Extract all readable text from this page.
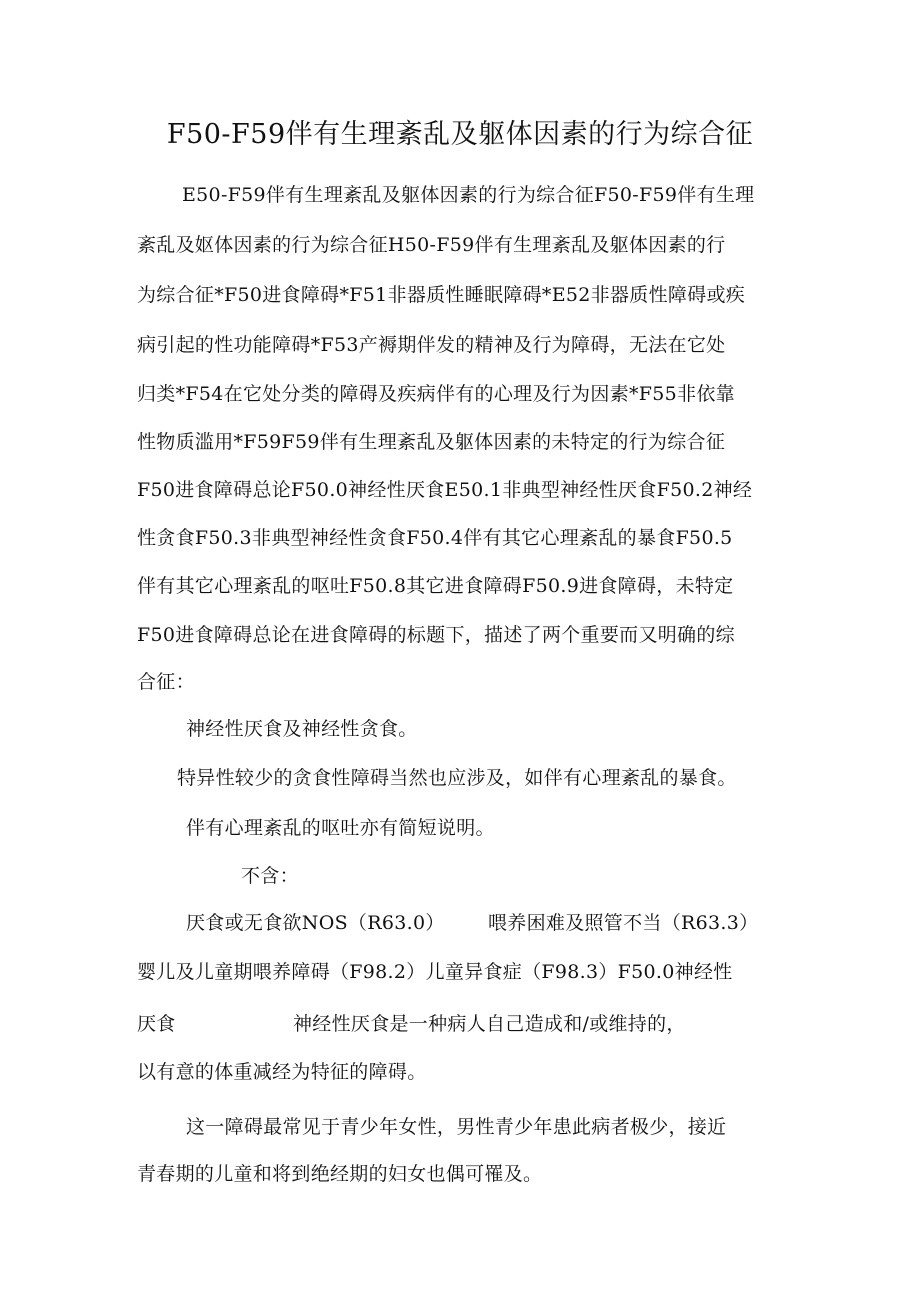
F50-F59伴有生理紊乱及躯体因素的行为综合征
E50-F59伴有生理紊乱及躯体因素的行为综合征F50-F59伴有生理
紊乱及妪体因素的行为综合征H50-F59伴有生理紊乱及躯体因素的行
为综合征*F50进食障碍*F51非器质性睡眠障碍*E52非器质性障碍或疾
病引起的性功能障碍*F53产褥期伴发的精神及行为障碍，无法在它处
归类*F54在它处分类的障碍及疾病伴有的心理及行为因素*F55非依靠
性物质滥用*F59F59伴有生理紊乱及躯体因素的未特定的行为综合征
F50进食障碍总论F50.0神经性厌食E50.1非典型神经性厌食F50.2神经
性贪食F50.3非典型神经性贪食F50.4伴有其它心理紊乱的暴食F50.5
伴有其它心理紊乱的呕吐F50.8其它进食障碍F50.9进食障碍，未特定
F50进食障碍总论在进食障碍的标题下，描述了两个重要而又明确的综
合征：
神经性厌食及神经性贪食。
特异性较少的贪食性障碍当然也应涉及，如伴有心理紊乱的暴食。
伴有心理紊乱的呕吐亦有简短说明。
不含：
厌食或无食欲NOS（R63.0） 喂养困难及照管不当（R63.3）
婴儿及儿童期喂养障碍（F98.2）儿童异食症（F98.3）F50.0神经性
厌食	神经性厌食是一种病人自己造成和/或维持的，
以有意的体重减经为特征的障碍。
这一障碍最常见于青少年女性，男性青少年患此病者极少，接近
青春期的儿童和将到绝经期的妇女也偶可罹及。
